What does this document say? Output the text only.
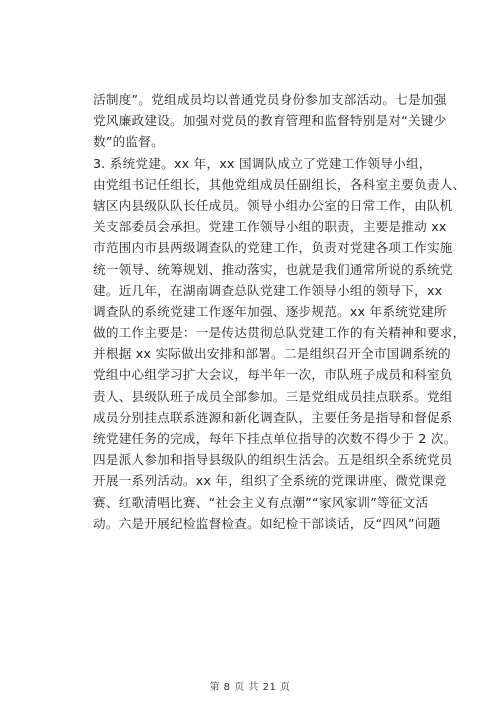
活制度”。党组成员均以普通党员身份参加支部活动。七是加强
党风廉政建设。加强对党员的教育管理和监督特别是对“关键少
数”的监督。
3. 系统党建。xx 年，xx 国调队成立了党建工作领导小组，
由党组书记任组长，其他党组成员任副组长，各科室主要负责人、
辖区内县级队队长任成员。领导小组办公室的日常工作，由队机
关支部委员会承担。党建工作领导小组的职责，主要是推动 xx
市范围内市县两级调查队的党建工作，负责对党建各项工作实施
统一领导、统筹规划、推动落实，也就是我们通常所说的系统党
建。近几年，在湖南调查总队党建工作领导小组的领导下，xx
调查队的系统党建工作逐年加强、逐步规范。xx 年系统党建所
做的工作主要是：一是传达贯彻总队党建工作的有关精神和要求，
并根据 xx 实际做出安排和部署。二是组织召开全市国调系统的
党组中心组学习扩大会议，每半年一次，市队班子成员和科室负
责人、县级队班子成员全部参加。三是党组成员挂点联系。党组
成员分别挂点联系涟源和新化调查队，主要任务是指导和督促系
统党建任务的完成，每年下挂点单位指导的次数不得少于 2 次。
四是派人参加和指导县级队的组织生活会。五是组织全系统党员
开展一系列活动。xx 年，组织了全系统的党课讲座、微党课竞
赛、红歌清唱比赛、“社会主义有点潮”“家风家训”等征文活
动。六是开展纪检监督检查。如纪检干部谈话，反“四风”问题
第 8 页 共 21 页
